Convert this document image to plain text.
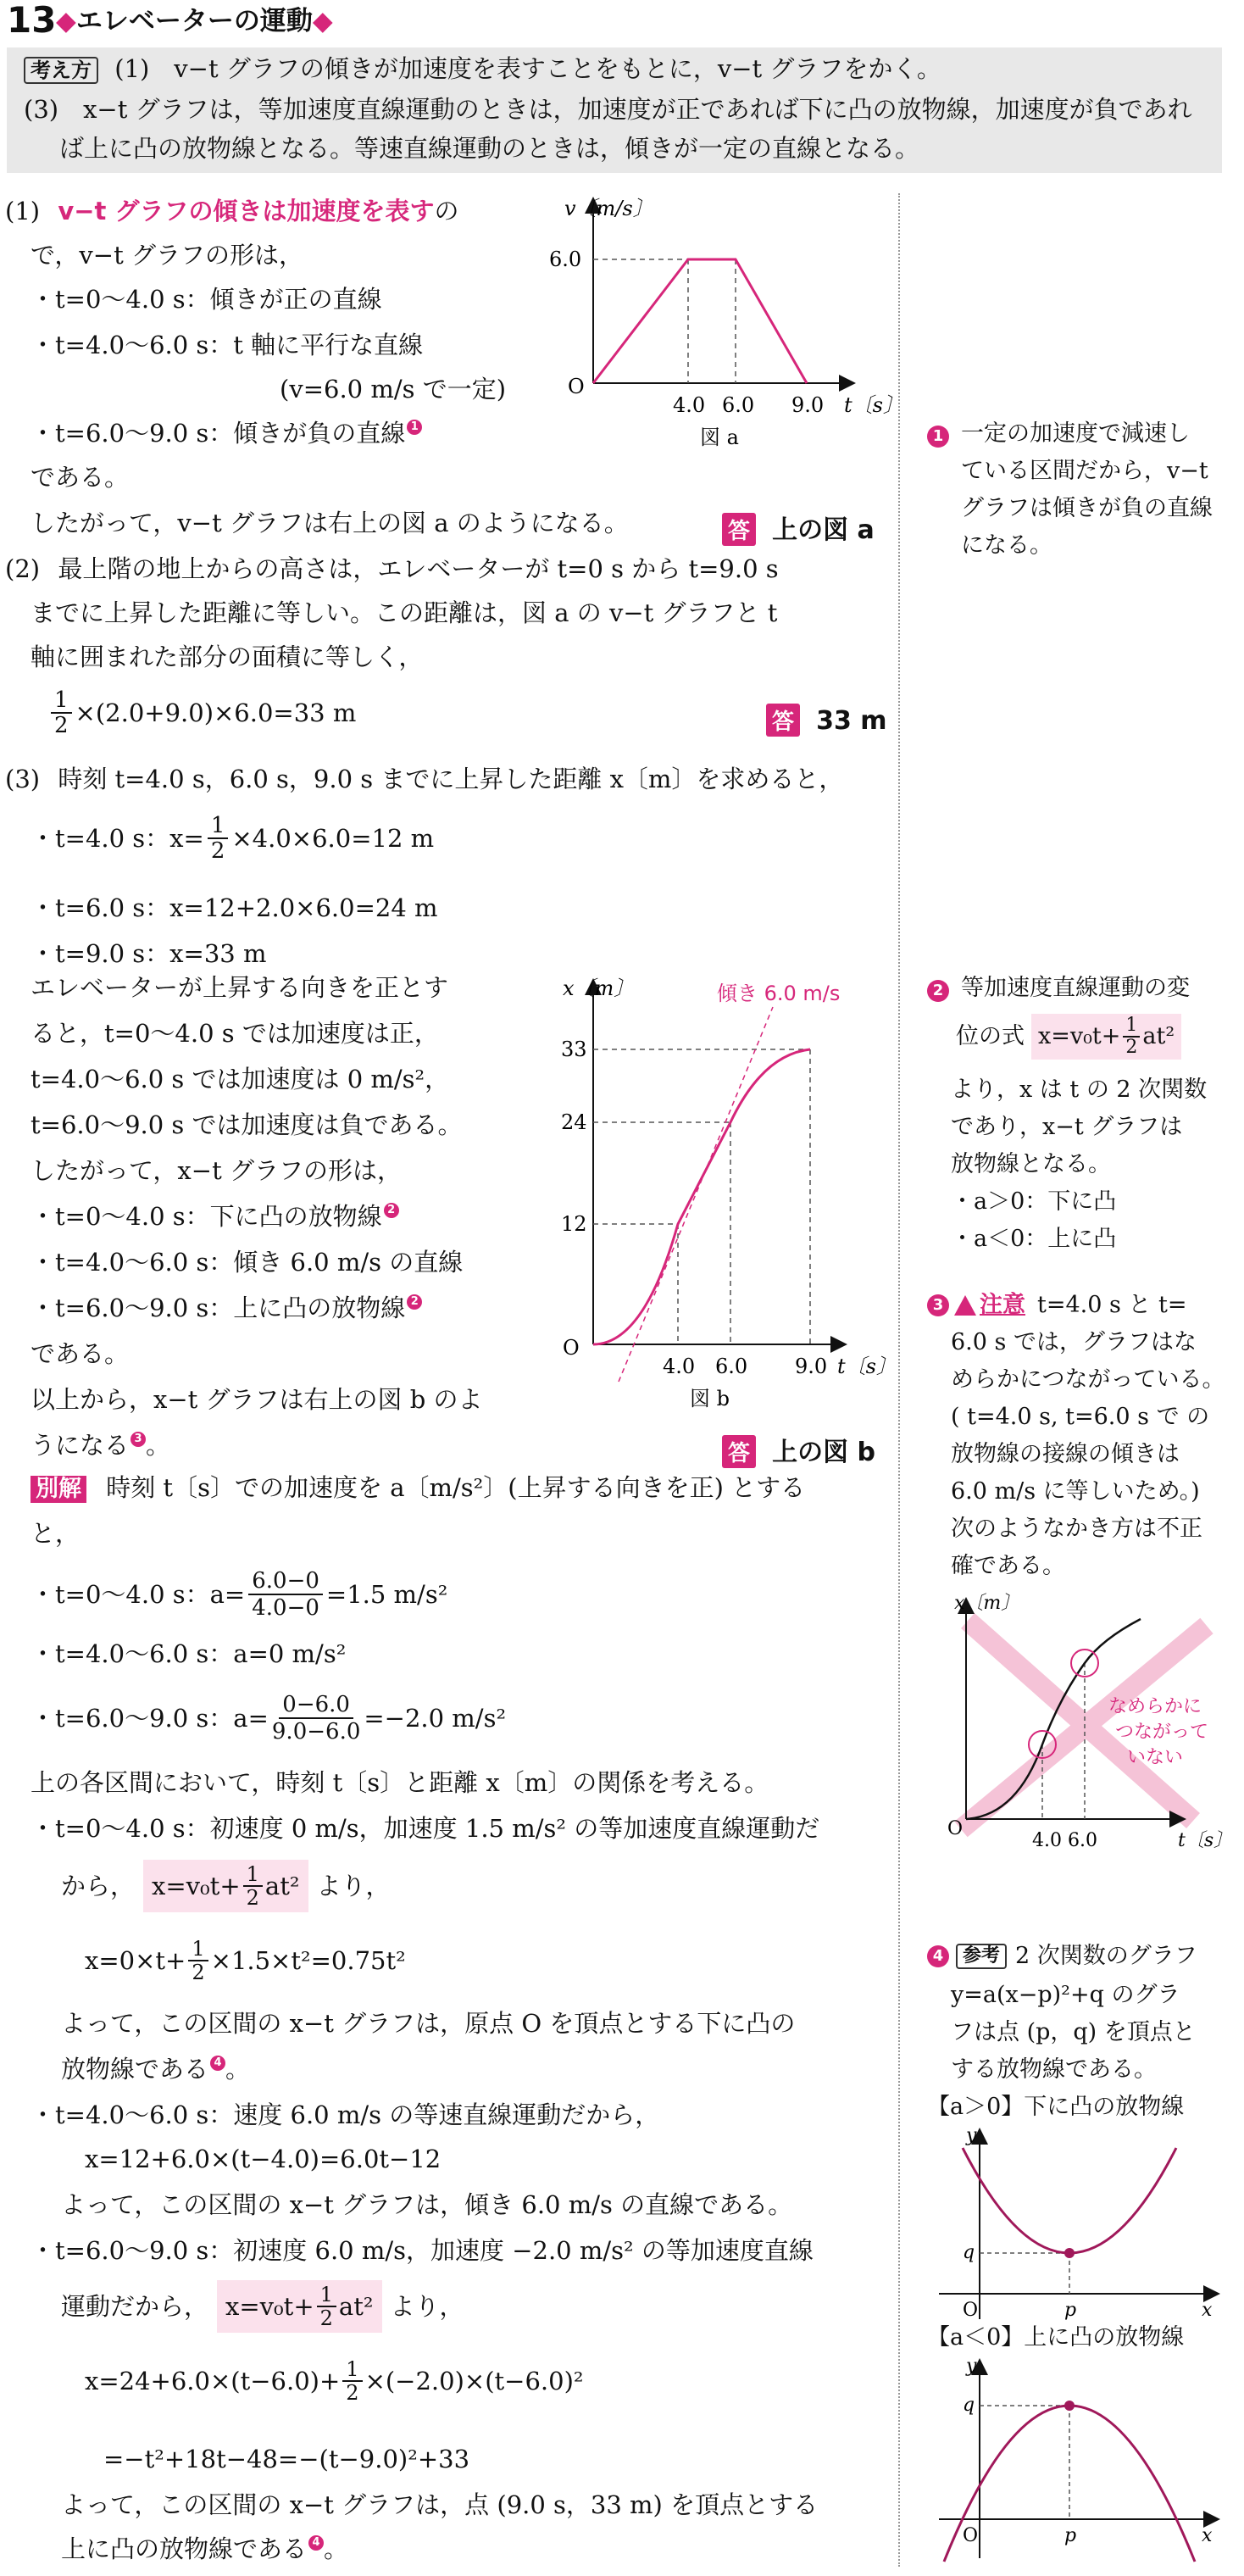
13 ◆エレベーターの運動◆
考え方 (1)　v−t グラフの傾きが加速度を表すことをもとに，v−t グラフをかく。
(3)　x−t グラフは，等加速度直線運動のときは，加速度が正であれば下に凸の放物線，加速度が負であれ
ば上に凸の放物線となる。等速直線運動のときは，傾きが一定の直線となる。
(1) v−t グラフの傾きは加速度を表すの
で，v−t グラフの形は，
・t=0〜4.0 s：傾きが正の直線
・t=4.0〜6.0 s：t 軸に平行な直線
(v=6.0 m/s で一定)
・t=6.0〜9.0 s：傾きが負の直線 1
である。
したがって，v−t グラフは右上の図 a のようになる。	答 上の図 a
v〔m/s〕
t〔s〕
6.0
O
4.0 6.0 9.0
図 a
(2) 最上階の地上からの高さは，エレベーターが t=0 s から t=9.0 s
までに上昇した距離に等しい。この距離は，図 a の v−t グラフと t
軸に囲まれた部分の面積に等しく，
$\frac{1}{2} \times(2.0+9.0)\times 6.0=33$ m	答 33 m
(3) 時刻 t=4.0 s，6.0 s，9.0 s までに上昇した距離 x〔m〕を求めると，
・t=4.0 s：$x= \frac{1}{2} \times 4.0\times 6.0=12$ m
・t=6.0 s：x=12+2.0×6.0=24 m
・t=9.0 s：x=33 m
エレベーターが上昇する向きを正とす
ると，t=0〜4.0 s では加速度は正，
t=4.0〜6.0 s では加速度は 0 m/s²，
t=6.0〜9.0 s では加速度は負である。
したがって，x−t グラフの形は，
・t=0〜4.0 s：下に凸の放物線 2
・t=4.0〜6.0 s：傾き 6.0 m/s の直線
・t=6.0〜9.0 s：上に凸の放物線 2
である。
以上から，x−t グラフは右上の図 b のよ
うになる 3 。	答 上の図 b
x〔m〕
t〔s〕
傾き 6.0 m/s
33
24
12
O
4.0 6.0 9.0
図 b
別解 時刻 t〔s〕での加速度を a〔m/s²〕(上昇する向きを正) とする
と，
・t=0〜4.0 s：$a= \frac{6.0-0}{4.0-0} =1.5$ m/s²
・t=4.0〜6.0 s：a=0 m/s²
・t=6.0〜9.0 s：$a= \frac{0-6.0}{9.0-6.0} =-2.0$ m/s²
上の各区間において，時刻 t〔s〕と距離 x〔m〕の関係を考える。
・t=0〜4.0 s：初速度 0 m/s，加速度 1.5 m/s² の等加速度直線運動だ
から， $x=v_0t+ \frac{1}{2} at^2$ より，
$x=0\times t+ \frac{1}{2} \times 1.5\times t^2=0.75t^2$
よって，この区間の x−t グラフは，原点 O を頂点とする下に凸の
放物線である 4 。
・t=4.0〜6.0 s：速度 6.0 m/s の等速直線運動だから，
x=12+6.0×(t−4.0)=6.0t−12
よって，この区間の x−t グラフは，傾き 6.0 m/s の直線である。
・t=6.0〜9.0 s：初速度 6.0 m/s，加速度 −2.0 m/s² の等加速度直線
運動だから， $x=v_0t+ \frac{1}{2} at^2$ より，
$x=24+6.0\times(t-6.0)+ \frac{1}{2} \times(-2.0)\times(t-6.0)^2$
=−t²+18t−48=−(t−9.0)²+33
よって，この区間の x−t グラフは，点 (9.0 s，33 m) を頂点とする
上に凸の放物線である 4 。
1 一定の加速度で減速し
ている区間だから，v−t
グラフは傾きが負の直線
になる。
2 等加速度直線運動の変
位の式 $x=v_0t+ \frac{1}{2} at^2$
より，x は t の 2 次関数
であり，x−t グラフは
放物線となる。
・a＞0：下に凸
・a＜0：上に凸
3 注意 t=4.0 s と t=
6.0 s では，グラフはな
めらかにつながっている。
( t=4.0 s, t=6.0 s で の
放物線の接線の傾きは
6.0 m/s に等しいため。)
次のようなかき方は不正
確である。
x〔m〕
t〔s〕
O
4.0 6.0
なめらかに
つながって
いない
4	参考 2 次関数のグラフ
y=a(x−p)²+q のグラ
フは点 (p，q) を頂点と
する放物線である。
【a＞0】下に凸の放物線
y
x
O
q
p
【a＜0】上に凸の放物線
y
x
O
q
p
